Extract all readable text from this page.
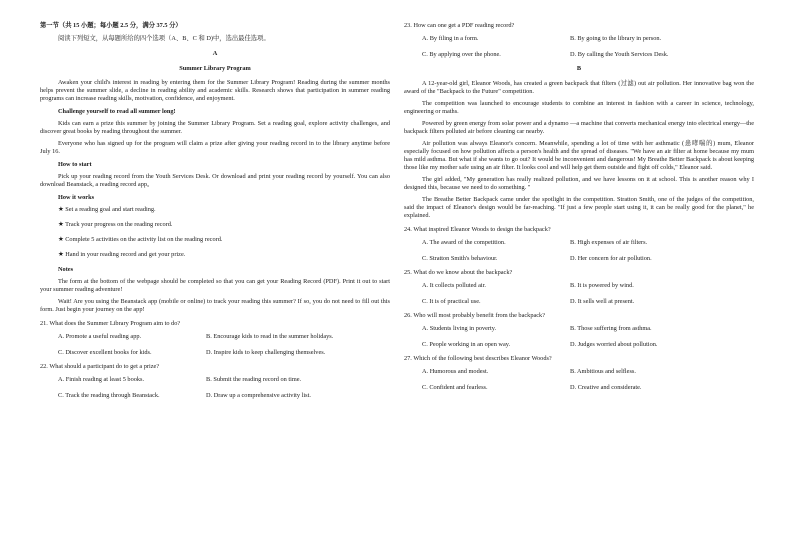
第一节（共 15 小题；每小题 2.5 分，满分 37.5 分）

阅读下列短文，从每题所给的四个选项（A、B、C 和 D)中，选出最佳选项。

A

Summer Library Program

Awaken your child's interest in reading by entering them for the Summer Library Program! Reading during the summer months helps prevent the summer slide, a decline in reading ability and academic skills. Research shows that participation in summer reading programs can increase reading skills, motivation, confidence, and enjoyment.

Challenge yourself to read all summer long!

Kids can earn a prize this summer by joining the Summer Library Program. Set a reading goal, explore activity challenges, and discover great books by reading throughout the summer.

Everyone who has signed up for the program will claim a prize after giving your reading record in to the library anytime before July 16.

How to start

Pick up your reading record from the Youth Services Desk. Or download and print your reading record by yourself. You can also download Beanstack, a reading record app。

How it works

★ Set a reading goal and start reading.

★ Track your progress on the reading record.

★ Complete 5 activities on the activity list on the reading record.

★ Hand in your reading record and get your prize.

Notes

The form at the bottom of the webpage should be completed so that you can get your Reading Record (PDF). Print it out to start your summer reading adventure!

Wait! Are you using the Beanstack app (mobile or online) to track your reading this summer? If so, you do not need to fill out this form. Just begin your journey on the app!

21. What does the Summer Library Program aim to do?

A. Promote a useful reading app.	B. Encourage kids to read in the summer holidays.
C. Discover excellent books for kids.	D. Inspire kids to keep challenging themselves.

22. What should a participant do to get a prize?

A. Finish reading at least 5 books.	B. Submit the reading record on time.
C. Track the reading through Beanstack.	D. Draw up a comprehensive activity list.

23. How can one get a PDF reading record?

A. By filing in a form.	B. By going to the library in person.
C. By applying over the phone.	D. By calling the Youth Services Desk.

B

A 12-year-old girl, Eleanor Woods, has created a green backpack that filters (过滤) out air pollution. Her innovative bag won the award of the "Backpack to the Future" competition.

The competition was launched to encourage students to combine an interest in fashion with a career in science, technology, engineering or maths.

Powered by green energy from solar power and a dynamo —a machine that converts mechanical energy into electrical energy—the backpack filters polluted air before cleaning car nearby.

Air pollution was always Eleanor's concern. Meanwhile, spending a lot of time with her asthmatic (患哮喘的) mum, Eleanor especially focused on how pollution affects a person's health and the spread of diseases. "We have an air filter at home because my mum has mild asthma. But what if she wants to go out? It would be inconvenient and dangerous! My Breathe Better Backpack is about keeping those like my mother safe using an air filter. It looks cool and will help get them outside and fight off colds," Eleanor said.

The girl added, "My generation has really realized pollution, and we have lessons on it at school. This is another reason why I designed this, because we need to do something. "

The Breathe Better Backpack came under the spotlight in the competition. Stratton Smith, one of the judges of the competition, said the impact of Eleanor's design would be far-reaching. "If just a few people start using it, it can be really good for the planet," he explained.

24. What inspired Eleanor Woods to design the backpack?

A. The award of the competition.	B. High expenses of air filters.
C. Stratton Smith's behaviour.	D. Her concern for air pollution.

25. What do we know about the backpack?

A. It collects polluted air.	B. It is powered by wind.
C. It is of practical use.	D. It sells well at present.

26. Who will most probably benefit from the backpack?

A. Students living in poverty.	B. Those suffering from asthma.
C. People working in an open way.	D. Judges worried about pollution.

27. Which of the following best describes Eleanor Woods?

A. Humorous and modest.	B. Ambitious and selfless.
C. Confident and fearless.	D. Creative and considerate.
